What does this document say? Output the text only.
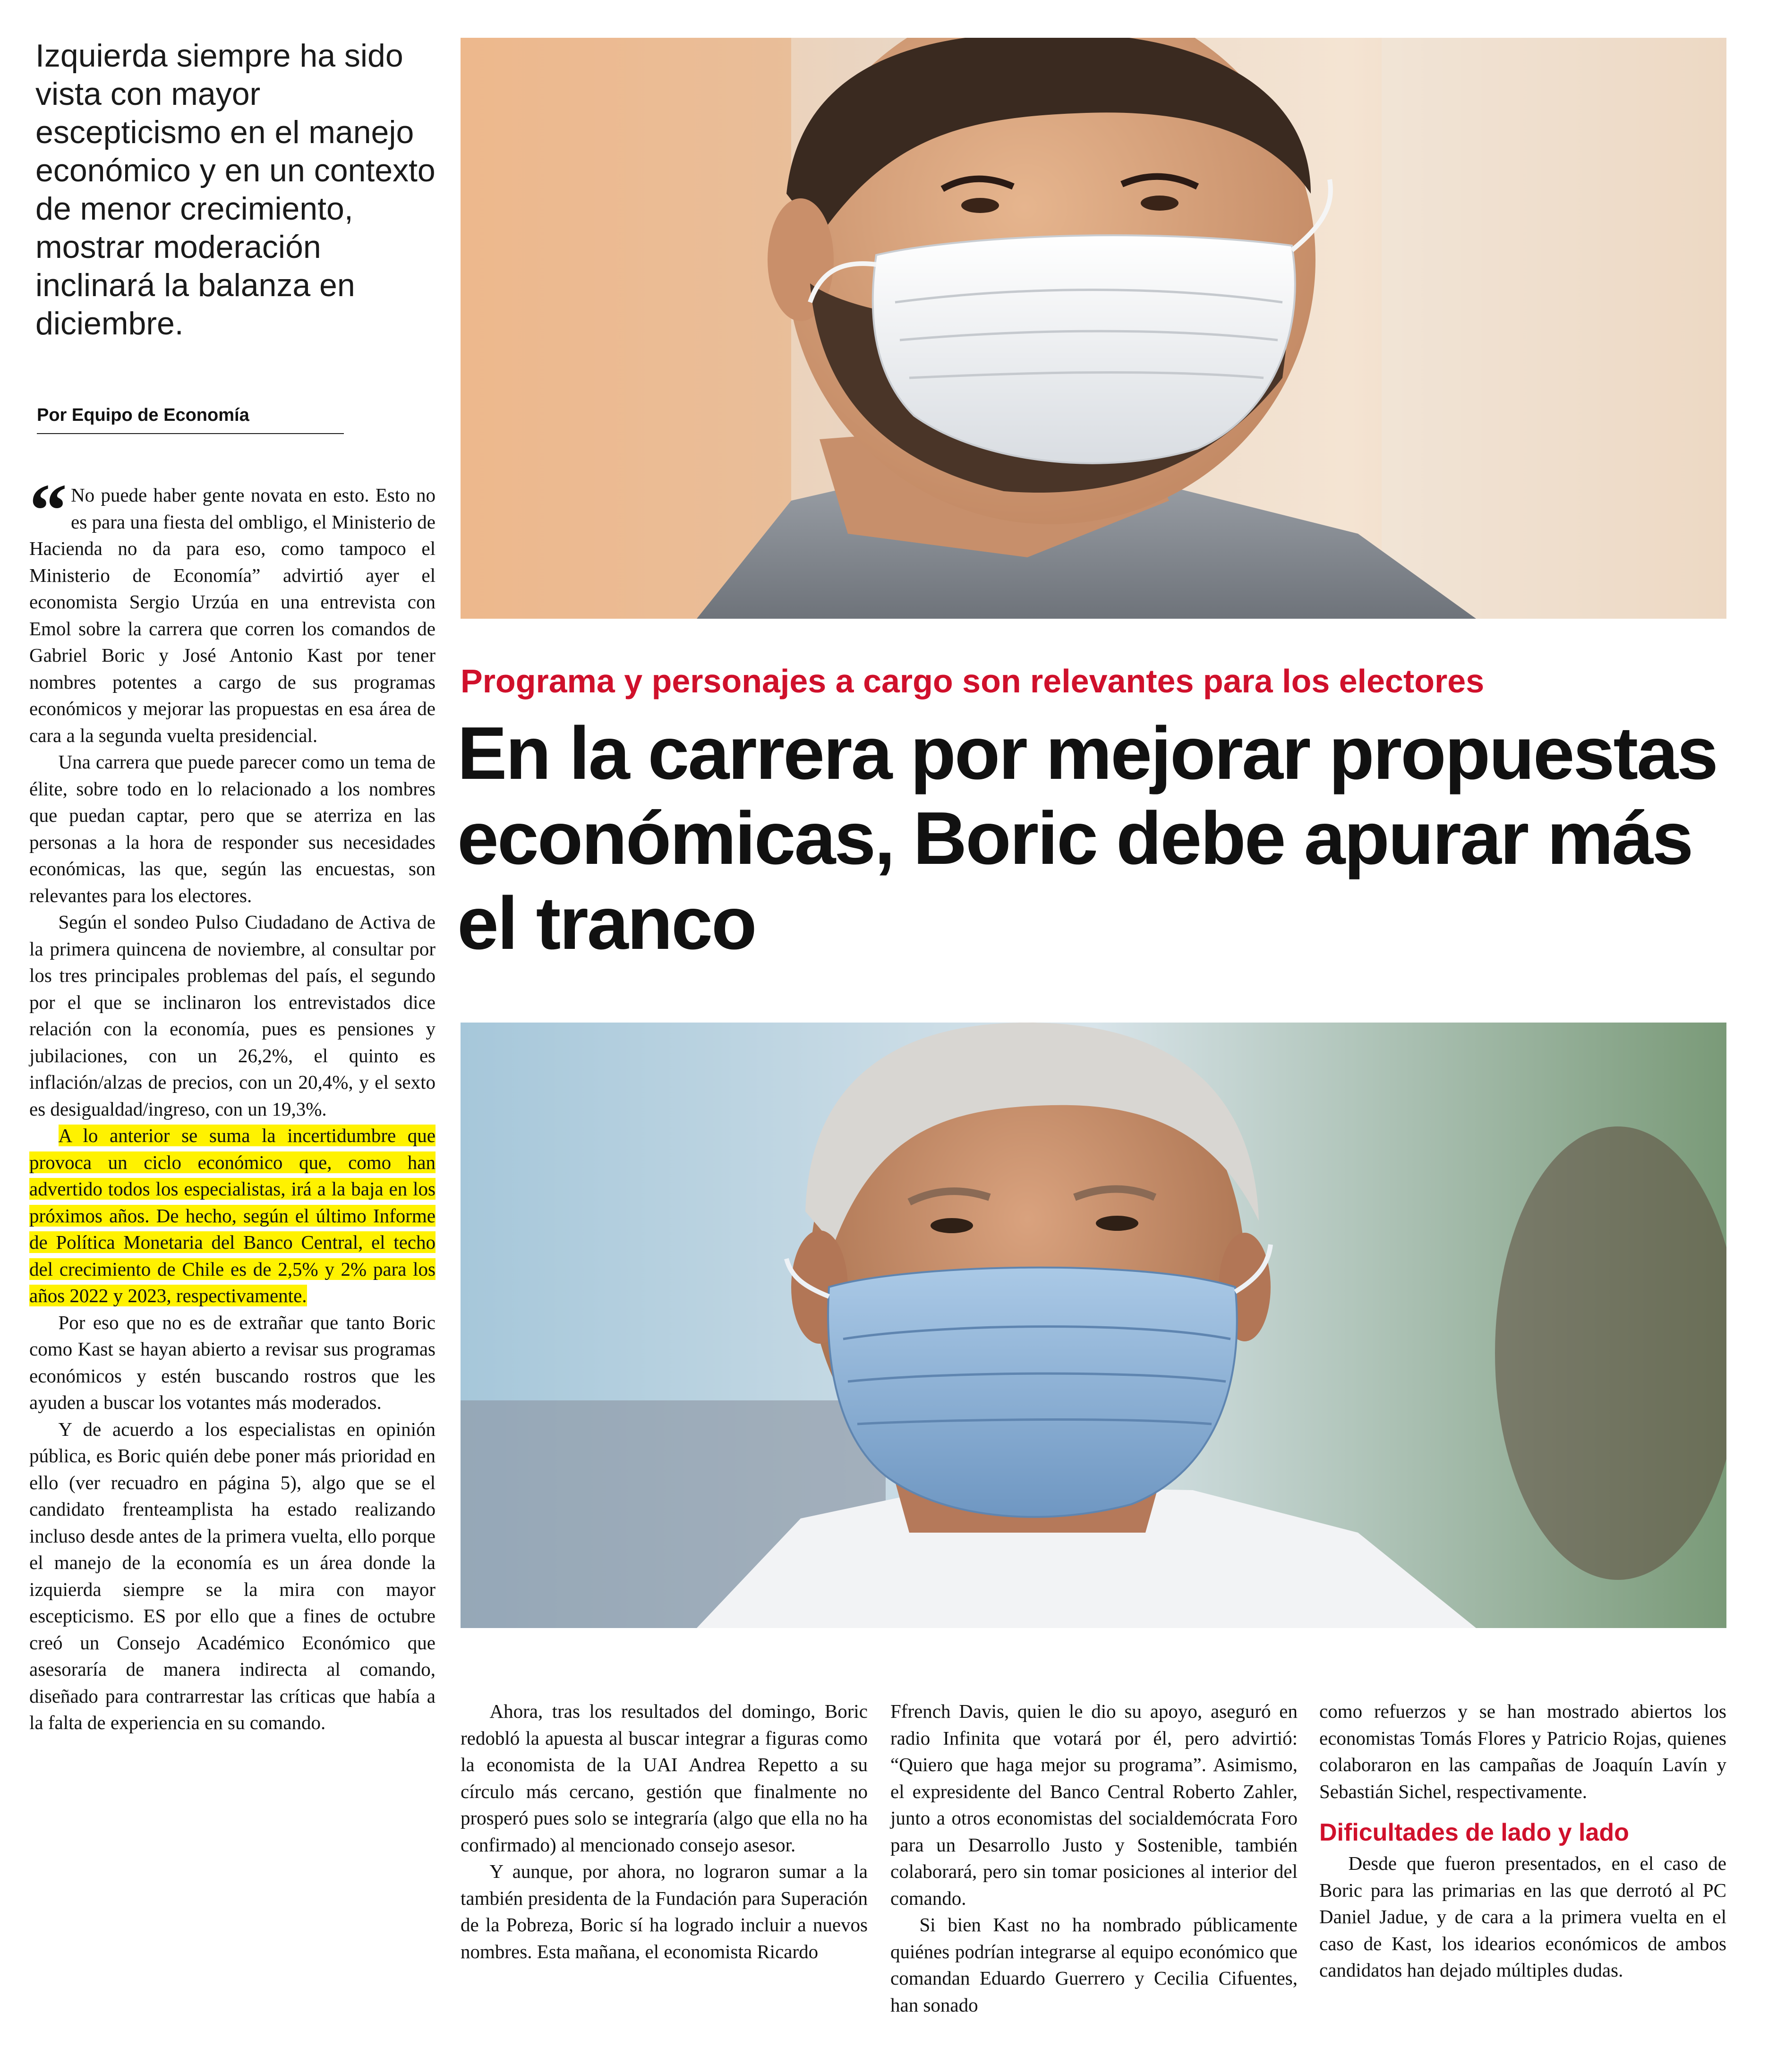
Izquierda siempre ha sido vista con mayor escepticismo en el manejo económico y en un contexto de menor crecimiento, mostrar moderación inclinará la balanza en diciembre.
Por Equipo de Economía
“ No puede haber gente novata en esto. Esto no es para una fiesta del ombligo, el Ministerio de Hacienda no da para eso, como tampoco el Ministerio de Economía” advirtió ayer el economista Sergio Urzúa en una entrevista con Emol sobre la carrera que corren los comandos de Gabriel Boric y José Antonio Kast por tener nombres potentes a cargo de sus programas económicos y mejorar las propuestas en esa área de cara a la segunda vuelta presidencial.

Una carrera que puede parecer como un tema de élite, sobre todo en lo relacionado a los nombres que puedan captar, pero que se aterriza en las personas a la hora de responder sus necesidades económicas, las que, según las encuestas, son relevantes para los electores.

Según el sondeo Pulso Ciudadano de Activa de la primera quincena de noviembre, al consultar por los tres principales problemas del país, el segundo por el que se inclinaron los entrevistados dice relación con la economía, pues es pensiones y jubilaciones, con un 26,2%, el quinto es inflación/alzas de precios, con un 20,4%, y el sexto es desigualdad/ingreso, con un 19,3%.

A lo anterior se suma la incertidumbre que provoca un ciclo económico que, como han advertido todos los especialistas, irá a la baja en los próximos años. De hecho, según el último Informe de Política Monetaria del Banco Central, el techo del crecimiento de Chile es de 2,5% y 2% para los años 2022 y 2023, respectivamente.

Por eso que no es de extrañar que tanto Boric como Kast se hayan abierto a revisar sus programas económicos y estén buscando rostros que les ayuden a buscar los votantes más moderados.

Y de acuerdo a los especialistas en opinión pública, es Boric quién debe poner más prioridad en ello (ver recuadro en página 5), algo que se el candidato frenteamplista ha estado realizando incluso desde antes de la primera vuelta, ello porque el manejo de la economía es un área donde la izquierda siempre se la mira con mayor escepticismo. ES por ello que a fines de octubre creó un Consejo Académico Económico que asesoraría de manera indirecta al comando, diseñado para contrarrestar las críticas que había a la falta de experiencia en su comando.

Programa y personajes a cargo son relevantes para los electores
En la carrera por mejorar propuestas económicas, Boric debe apurar más el tranco

Ahora, tras los resultados del domingo, Boric redobló la apuesta al buscar integrar a figuras como la economista de la UAI Andrea Repetto a su círculo más cercano, gestión que finalmente no prosperó pues solo se integraría (algo que ella no ha confirmado) al mencionado consejo asesor.

Y aunque, por ahora, no lograron sumar a la también presidenta de la Fundación para Superación de la Pobreza, Boric sí ha logrado incluir a nuevos nombres. Esta mañana, el economista Ricardo

Ffrench Davis, quien le dio su apoyo, aseguró en radio Infinita que votará por él, pero advirtió: “Quiero que haga mejor su programa”. Asimismo, el expresidente del Banco Central Roberto Zahler, junto a otros economistas del socialdemócrata Foro para un Desarrollo Justo y Sostenible, también colaborará, pero sin tomar posiciones al interior del comando.

Si bien Kast no ha nombrado públicamente quiénes podrían integrarse al equipo económico que comandan Eduardo Guerrero y Cecilia Cifuentes, han sonado

como refuerzos y se han mostrado abiertos los economistas Tomás Flores y Patricio Rojas, quienes colaboraron en las campañas de Joaquín Lavín y Sebastián Sichel, respectivamente.

Dificultades de lado y lado

Desde que fueron presentados, en el caso de Boric para las primarias en las que derrotó al PC Daniel Jadue, y de cara a la primera vuelta en el caso de Kast, los idearios económicos de ambos candidatos han dejado múltiples dudas.
